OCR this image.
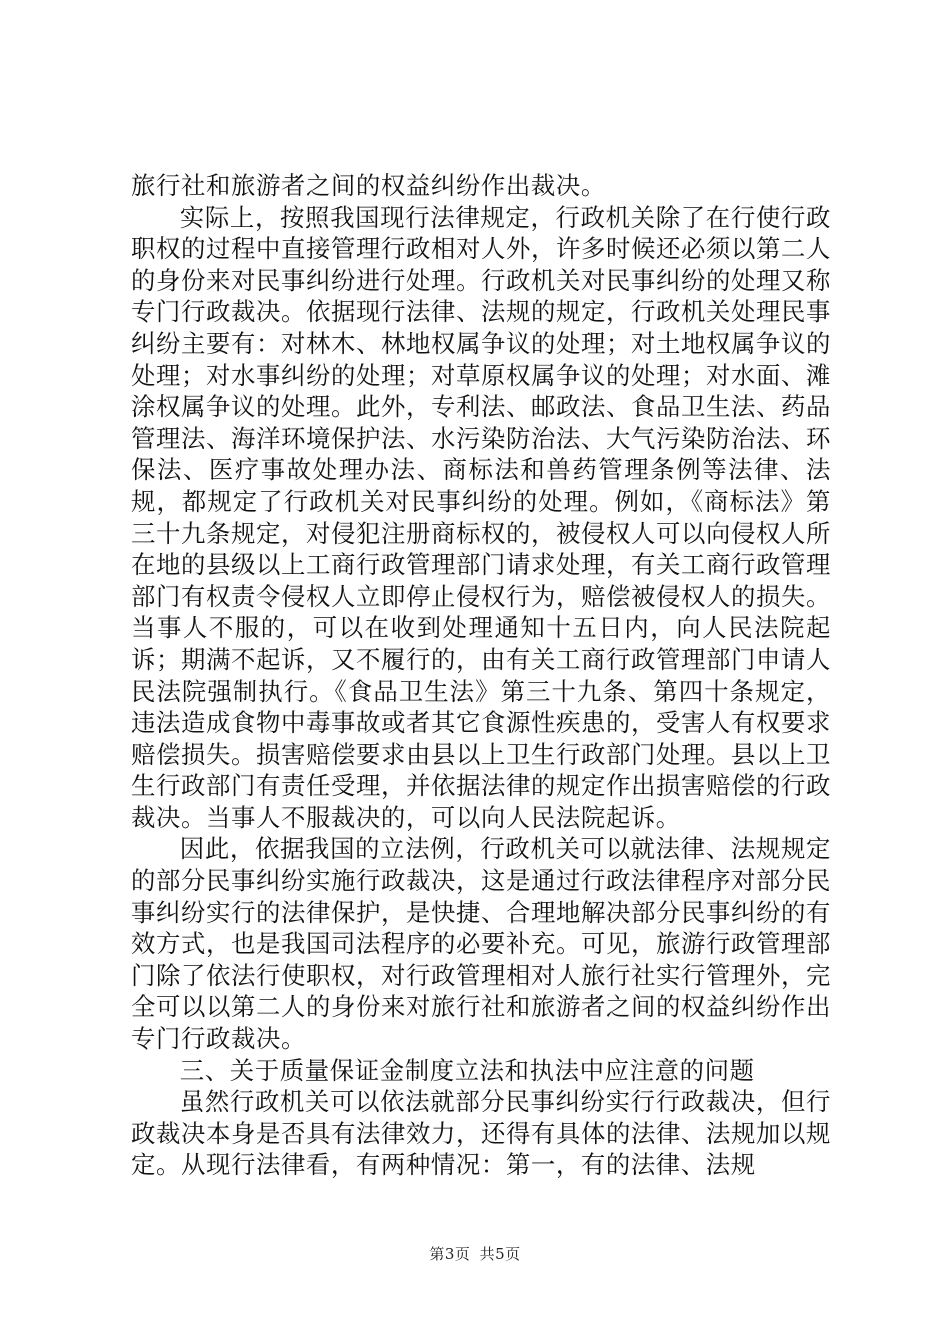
旅行社和旅游者之间的权益纠纷作出裁决。

实际上，按照我国现行法律规定，行政机关除了在行使行政职权的过程中直接管理行政相对人外，许多时候还必须以第二人的身份来对民事纠纷进行处理。行政机关对民事纠纷的处理又称专门行政裁决。依据现行法律、法规的规定，行政机关处理民事纠纷主要有：对林木、林地权属争议的处理；对土地权属争议的处理；对水事纠纷的处理；对草原权属争议的处理；对水面、滩涂权属争议的处理。此外，专利法、邮政法、食品卫生法、药品管理法、海洋环境保护法、水污染防治法、大气污染防治法、环保法、医疗事故处理办法、商标法和兽药管理条例等法律、法规，都规定了行政机关对民事纠纷的处理。例如，《商标法》第三十九条规定，对侵犯注册商标权的，被侵权人可以向侵权人所在地的县级以上工商行政管理部门请求处理，有关工商行政管理部门有权责令侵权人立即停止侵权行为，赔偿被侵权人的损失。当事人不服的，可以在收到处理通知十五日内，向人民法院起诉；期满不起诉，又不履行的，由有关工商行政管理部门申请人民法院强制执行。《食品卫生法》第三十九条、第四十条规定，违法造成食物中毒事故或者其它食源性疾患的，受害人有权要求赔偿损失。损害赔偿要求由县以上卫生行政部门处理。县以上卫生行政部门有责任受理，并依据法律的规定作出损害赔偿的行政裁决。当事人不服裁决的，可以向人民法院起诉。

因此，依据我国的立法例，行政机关可以就法律、法规规定的部分民事纠纷实施行政裁决，这是通过行政法律程序对部分民事纠纷实行的法律保护，是快捷、合理地解决部分民事纠纷的有效方式，也是我国司法程序的必要补充。可见，旅游行政管理部门除了依法行使职权，对行政管理相对人旅行社实行管理外，完全可以以第二人的身份来对旅行社和旅游者之间的权益纠纷作出专门行政裁决。

三、关于质量保证金制度立法和执法中应注意的问题

虽然行政机关可以依法就部分民事纠纷实行行政裁决，但行政裁决本身是否具有法律效力，还得有具体的法律、法规加以规定。从现行法律看，有两种情况：第一，有的法律、法规

第3页 共5页
